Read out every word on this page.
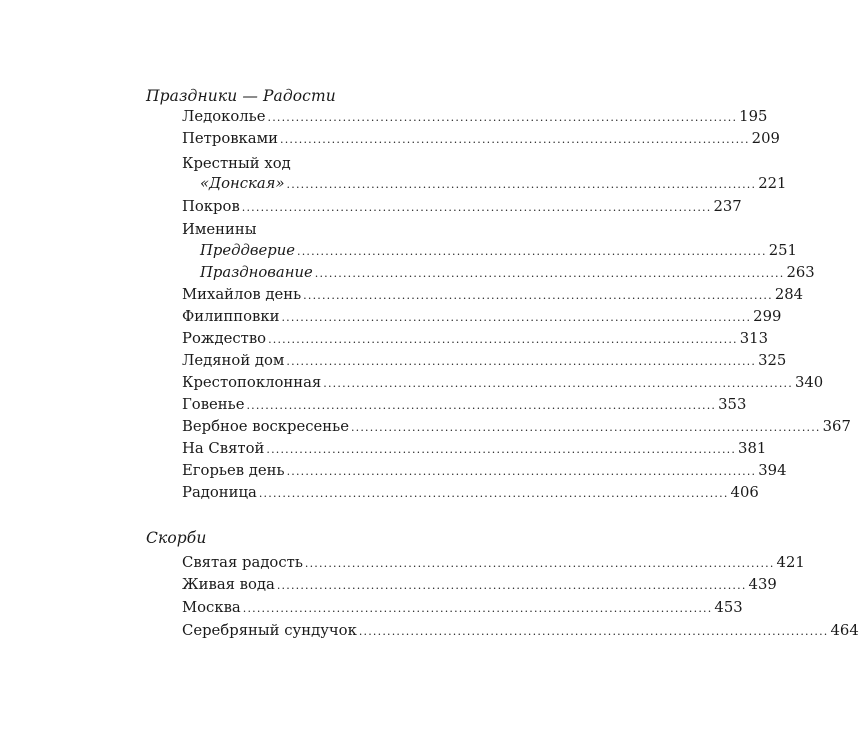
Праздники — Радости
Ледокольe .................................................................................................... 195
Петровками .................................................................................................... 209
Крестный ход
«Донская» .................................................................................................... 221
Покров .................................................................................................... 237
Именины
Преддверие .................................................................................................... 251
Празднование .................................................................................................... 263
Михайлов день .................................................................................................... 284
Филипповки .................................................................................................... 299
Рождество .................................................................................................... 313
Ледяной дом .................................................................................................... 325
Крестопоклонная .................................................................................................... 340
Говенье .................................................................................................... 353
Вербное воскресенье .................................................................................................... 367
На Святой .................................................................................................... 381
Егорьев день .................................................................................................... 394
Радоница .................................................................................................... 406
Скорби
Святая радость .................................................................................................... 421
Живая вода .................................................................................................... 439
Москва .................................................................................................... 453
Серебряный сундучок .................................................................................................... 464
